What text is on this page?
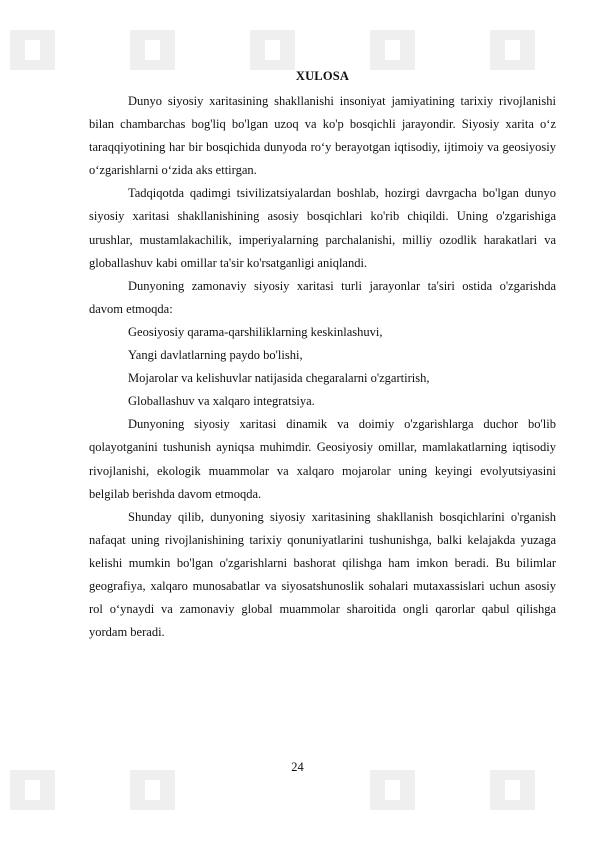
XULOSA

Dunyo siyosiy xaritasining shakllanishi insoniyat jamiyatining tarixiy rivojlanishi bilan chambarchas bog'liq bo'lgan uzoq va ko'p bosqichli jarayondir. Siyosiy xarita o‘z taraqqiyotining har bir bosqichida dunyoda ro‘y berayotgan iqtisodiy, ijtimoiy va geosiyosiy o‘zgarishlarni o‘zida aks ettirgan.

Tadqiqotda qadimgi tsivilizatsiyalardan boshlab, hozirgi davrgacha bo'lgan dunyo siyosiy xaritasi shakllanishining asosiy bosqichlari ko'rib chiqildi. Uning o'zgarishiga urushlar, mustamlakachilik, imperiyalarning parchalanishi, milliy ozodlik harakatlari va globallashuv kabi omillar ta'sir ko'rsatganligi aniqlandi.

Dunyoning zamonaviy siyosiy xaritasi turli jarayonlar ta'siri ostida o'zgarishda davom etmoqda:

Geosiyosiy qarama-qarshiliklarning keskinlashuvi,

Yangi davlatlarning paydo bo'lishi,

Mojarolar va kelishuvlar natijasida chegaralarni o'zgartirish,

Globallashuv va xalqaro integratsiya.

Dunyoning siyosiy xaritasi dinamik va doimiy o'zgarishlarga duchor bo'lib qolayotganini tushunish ayniqsa muhimdir. Geosiyosiy omillar, mamlakatlarning iqtisodiy rivojlanishi, ekologik muammolar va xalqaro mojarolar uning keyingi evolyutsiyasini belgilab berishda davom etmoqda.

Shunday qilib, dunyoning siyosiy xaritasining shakllanish bosqichlarini o'rganish nafaqat uning rivojlanishining tarixiy qonuniyatlarini tushunishga, balki kelajakda yuzaga kelishi mumkin bo'lgan o'zgarishlarni bashorat qilishga ham imkon beradi. Bu bilimlar geografiya, xalqaro munosabatlar va siyosatshunoslik sohalari mutaxassislari uchun asosiy rol o‘ynaydi va zamonaviy global muammolar sharoitida ongli qarorlar qabul qilishga yordam beradi.

24
